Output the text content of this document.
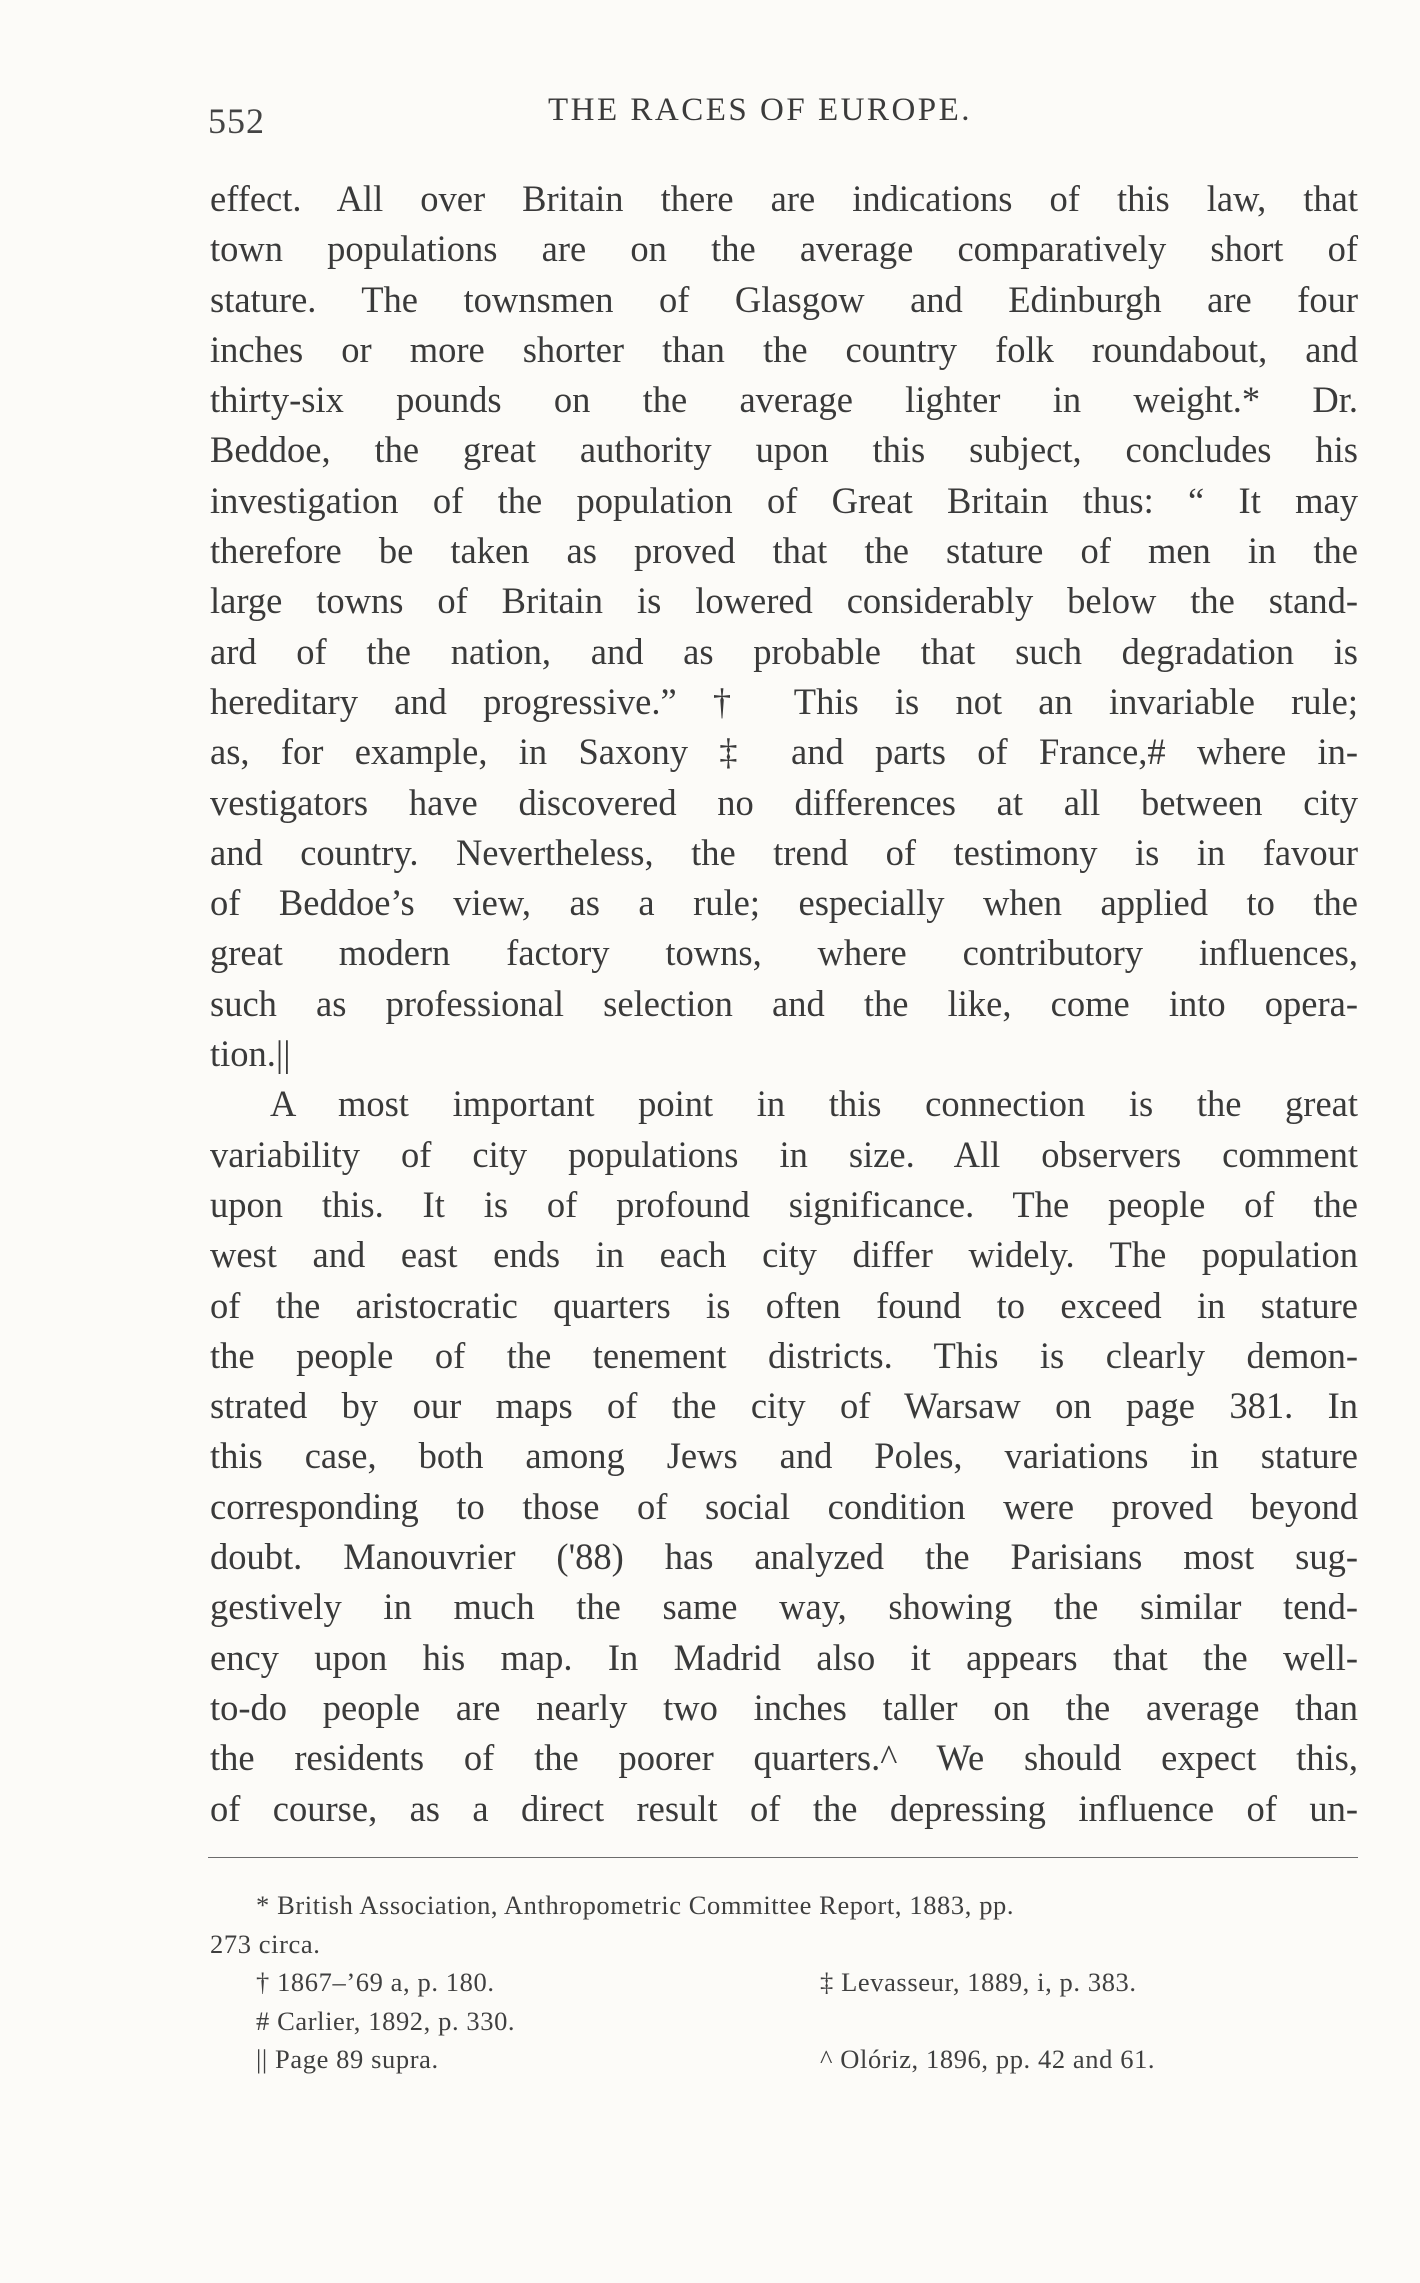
552	THE RACES OF EUROPE.
effect. All over Britain there are indications of this law, that
town populations are on the average comparatively short of
stature. The townsmen of Glasgow and Edinburgh are four
inches or more shorter than the country folk roundabout, and
thirty-six pounds on the average lighter in weight.* Dr.
Beddoe, the great authority upon this subject, concludes his
investigation of the population of Great Britain thus: “ It may
therefore be taken as proved that the stature of men in the
large towns of Britain is lowered considerably below the stand-
ard of the nation, and as probable that such degradation is
hereditary and progressive.” † This is not an invariable rule;
as, for example, in Saxony ‡ and parts of France,# where in-
vestigators have discovered no differences at all between city
and country. Nevertheless, the trend of testimony is in favour
of Beddoe’s view, as a rule; especially when applied to the
great modern factory towns, where contributory influences,
such as professional selection and the like, come into opera-
tion.||
A most important point in this connection is the great
variability of city populations in size. All observers comment
upon this. It is of profound significance. The people of the
west and east ends in each city differ widely. The population
of the aristocratic quarters is often found to exceed in stature
the people of the tenement districts. This is clearly demon-
strated by our maps of the city of Warsaw on page 381. In
this case, both among Jews and Poles, variations in stature
corresponding to those of social condition were proved beyond
doubt. Manouvrier ('88) has analyzed the Parisians most sug-
gestively in much the same way, showing the similar tend-
ency upon his map. In Madrid also it appears that the well-
to-do people are nearly two inches taller on the average than
the residents of the poorer quarters.^ We should expect this,
of course, as a direct result of the depressing influence of un-
* British Association, Anthropometric Committee Report, 1883, pp.
273 circa.
† 1867–’69 a, p. 180.	‡ Levasseur, 1889, i, p. 383.
# Carlier, 1892, p. 330.
|| Page 89 supra.	^ Olóriz, 1896, pp. 42 and 61.
